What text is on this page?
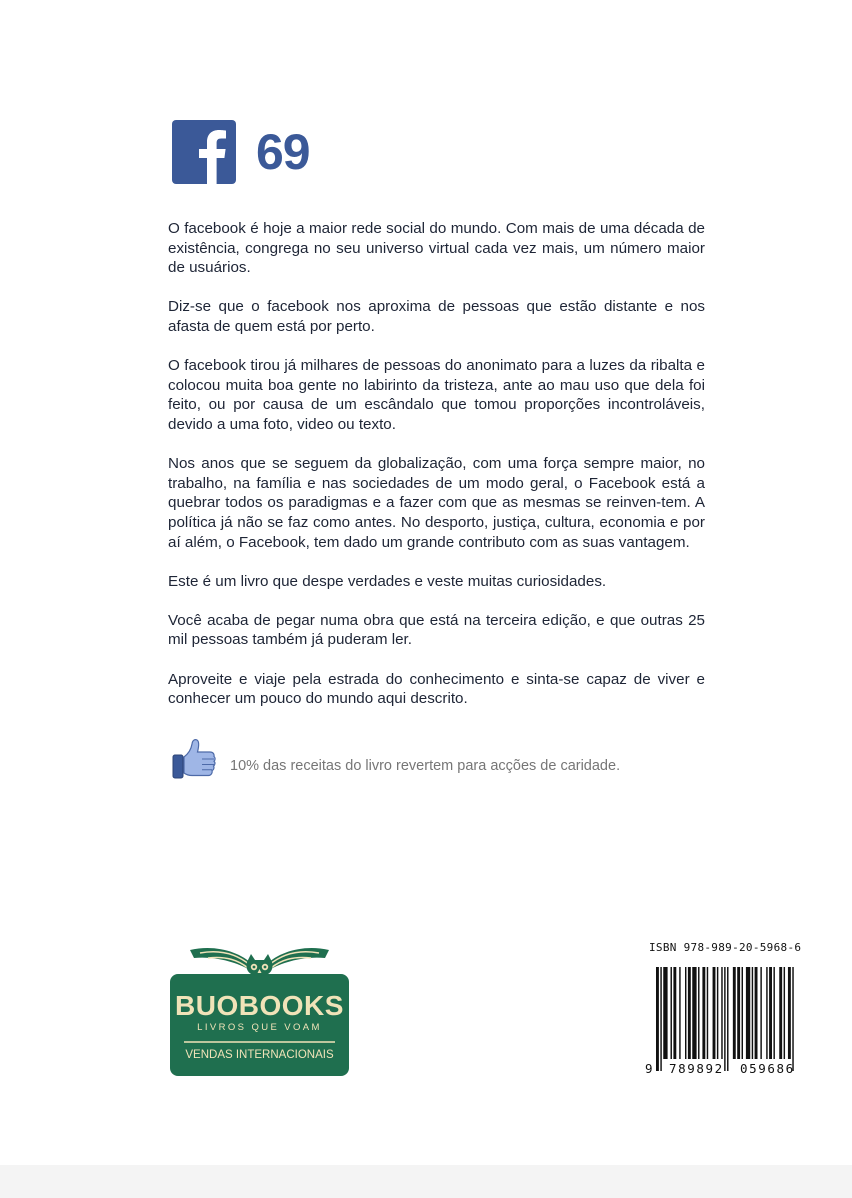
69

O facebook é hoje a maior rede social do mundo. Com mais de uma década de existência, congrega no seu universo virtual cada vez mais, um número maior de usuários.

Diz-se que o facebook nos aproxima de pessoas que estão distante e nos afasta de quem está por perto.

O facebook tirou já milhares de pessoas do anonimato para a luzes da ribalta e colocou muita boa gente no labirinto da tristeza, ante ao mau uso que dela foi feito, ou por causa de um escândalo que tomou proporções incontroláveis, devido a uma foto, video ou texto.

Nos anos que se seguem da globalização, com uma força sempre maior, no trabalho, na família e nas sociedades de um modo geral, o Facebook está a quebrar todos os paradigmas e a fazer com que as mesmas se reinven-tem. A política já não se faz como antes. No desporto, justiça, cultura, economia e por aí além, o Facebook, tem dado um grande contributo com as suas vantagem.

Este é um livro que despe verdades e veste muitas curiosidades.

Você acaba de pegar numa obra que está na terceira edição, e que outras 25 mil pessoas também já puderam ler.

Aproveite e viaje pela estrada do conhecimento e sinta-se capaz de viver e conhecer um pouco do mundo aqui descrito.

10% das receitas do livro revertem para acções de caridade.
BUOBOOKS
LIVROS QUE VOAM
VENDAS INTERNACIONAIS
ISBN 978-989-20-5968-6
9 789892 059686
